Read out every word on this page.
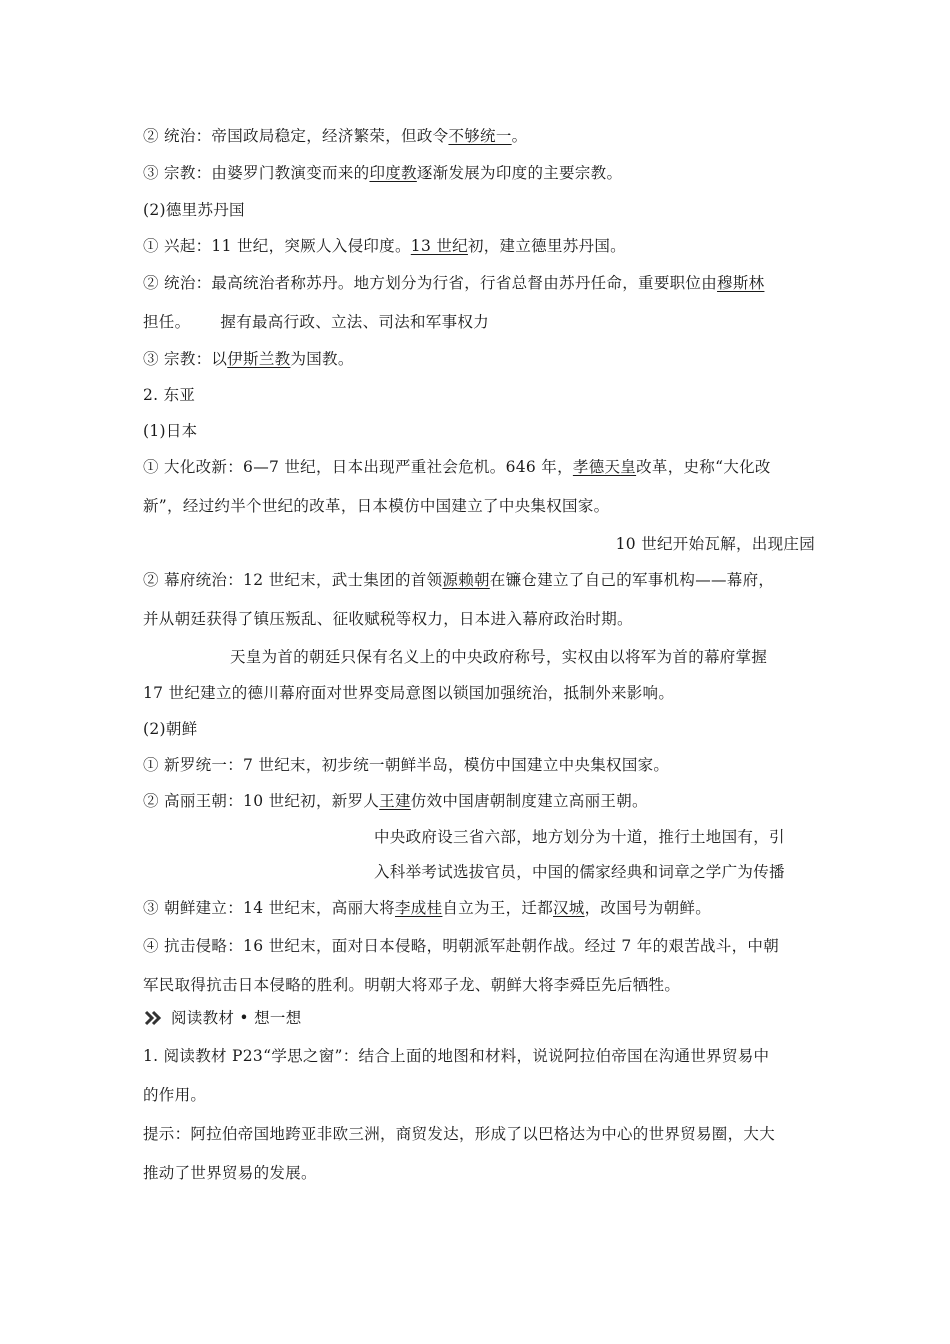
② 统治：帝国政局稳定，经济繁荣，但政令不够统一。
③ 宗教：由婆罗门教演变而来的印度教逐渐发展为印度的主要宗教。
(2)德里苏丹国
① 兴起：11 世纪，突厥人入侵印度。13 世纪初，建立德里苏丹国。
② 统治：最高统治者称苏丹。地方划分为行省，行省总督由苏丹任命，重要职位由穆斯林
担任。 握有最高行政、立法、司法和军事权力
③ 宗教：以伊斯兰教为国教。
2. 东亚
(1)日本
① 大化改新：6—7 世纪，日本出现严重社会危机。646 年，孝德天皇改革，史称“大化改
新”，经过约半个世纪的改革，日本模仿中国建立了中央集权国家。
10 世纪开始瓦解，出现庄园
② 幕府统治：12 世纪末，武士集团的首领源赖朝在镰仓建立了自己的军事机构——幕府，
并从朝廷获得了镇压叛乱、征收赋税等权力，日本进入幕府政治时期。
天皇为首的朝廷只保有名义上的中央政府称号，实权由以将军为首的幕府掌握
17 世纪建立的德川幕府面对世界变局意图以锁国加强统治，抵制外来影响。
(2)朝鲜
① 新罗统一：7 世纪末，初步统一朝鲜半岛，模仿中国建立中央集权国家。
② 高丽王朝：10 世纪初，新罗人王建仿效中国唐朝制度建立高丽王朝。
中央政府设三省六部，地方划分为十道，推行土地国有，引
入科举考试选拔官员，中国的儒家经典和词章之学广为传播
③ 朝鲜建立：14 世纪末，高丽大将李成桂自立为王，迁都汉城，改国号为朝鲜。
④ 抗击侵略：16 世纪末，面对日本侵略，明朝派军赴朝作战。经过 7 年的艰苦战斗，中朝
军民取得抗击日本侵略的胜利。明朝大将邓子龙、朝鲜大将李舜臣先后牺牲。
阅读教材 • 想一想
1. 阅读教材 P23“学思之窗”：结合上面的地图和材料，说说阿拉伯帝国在沟通世界贸易中
的作用。
提示：阿拉伯帝国地跨亚非欧三洲，商贸发达，形成了以巴格达为中心的世界贸易圈，大大
推动了世界贸易的发展。
